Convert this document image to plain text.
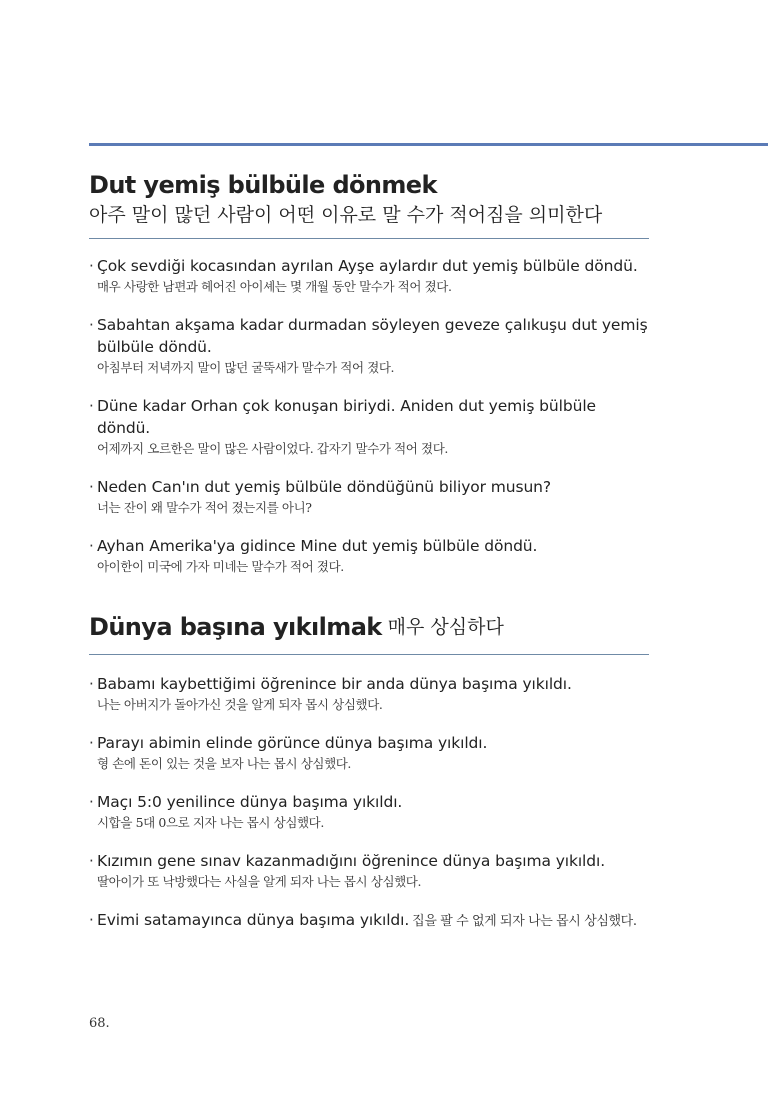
Dut yemiş bülbüle dönmek

아주 말이 많던 사람이 어떤 이유로 말 수가 적어짐을 의미한다

· Çok sevdiği kocasından ayrılan Ayşe aylardır dut yemiş bülbüle döndü.
매우 사랑한 남편과 헤어진 아이셰는 몇 개월 동안 말수가 적어 졌다.
· Sabahtan akşama kadar durmadan söyleyen geveze çalıkuşu dut yemiş bülbüle döndü.
아침부터 저녁까지 말이 많던 굴뚝새가 말수가 적어 졌다.
· Düne kadar Orhan çok konuşan biriydi. Aniden dut yemiş bülbüle döndü.
어제까지 오르한은 말이 많은 사람이었다. 갑자기 말수가 적어 졌다.
· Neden Can'ın dut yemiş bülbüle döndüğünü biliyor musun?
너는 잔이 왜 말수가 적어 졌는지를 아니?
· Ayhan Amerika'ya gidince Mine dut yemiş bülbüle döndü.
아이한이 미국에 가자 미네는 말수가 적어 졌다.
Dünya başına yıkılmak 매우 상심하다
· Babamı kaybettiğimi öğrenince bir anda dünya başıma yıkıldı.
나는 아버지가 돌아가신 것을 알게 되자 몹시 상심했다.
· Parayı abimin elinde görünce dünya başıma yıkıldı.
형 손에 돈이 있는 것을 보자 나는 몹시 상심했다.
· Maçı 5:0 yenilince dünya başıma yıkıldı.
시합을 5대 0으로 지자 나는 몹시 상심했다.
· Kızımın gene sınav kazanmadığını öğrenince dünya başıma yıkıldı.
딸아이가 또 낙방했다는 사실을 알게 되자 나는 몹시 상심했다.
· Evimi satamayınca dünya başıma yıkıldı. 집을 팔 수 없게 되자 나는 몹시 상심했다.
68.
